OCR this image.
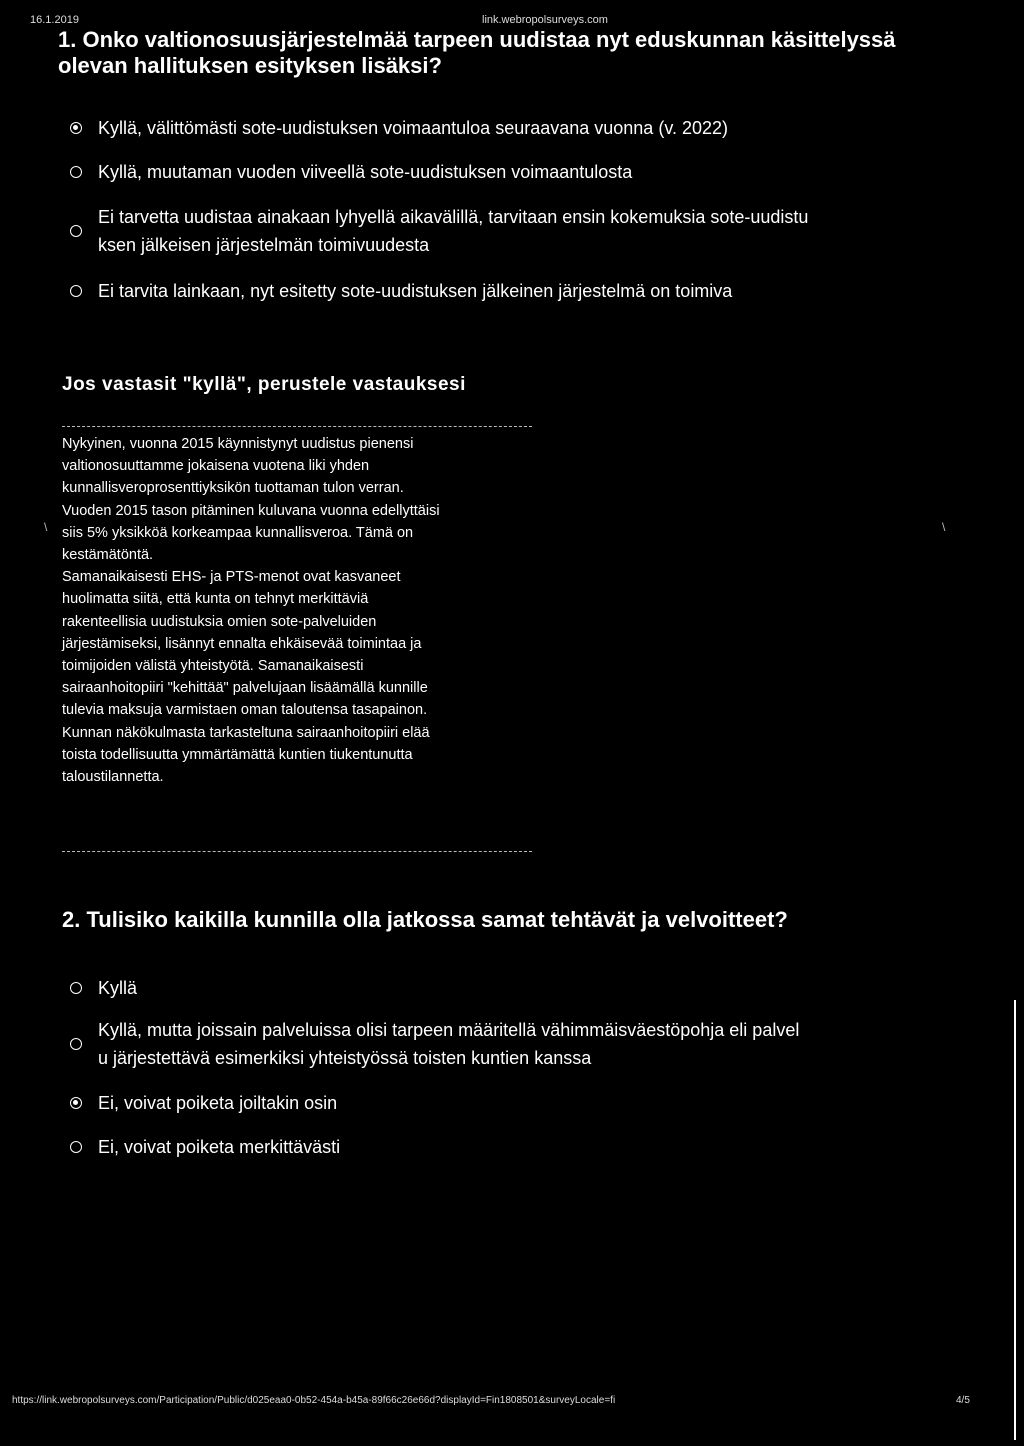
16.1.2019	link.webropolsurveys.com
1. Onko valtionosuusjärjestelmää tarpeen uudistaa nyt eduskunnan käsittelyssä
olevan hallituksen esityksen lisäksi?
Kyllä, välittömästi sote-uudistuksen voimaantuloa seuraavana vuonna (v. 2022)
Kyllä, muutaman vuoden viiveellä sote-uudistuksen voimaantulosta
Ei tarvetta uudistaa ainakaan lyhyellä aikavälillä, tarvitaan ensin kokemuksia sote-uudistu
ksen jälkeisen järjestelmän toimivuudesta
Ei tarvita lainkaan, nyt esitetty sote-uudistuksen jälkeinen järjestelmä on toimiva
Jos vastasit "kyllä", perustele vastauksesi
Nykyinen, vuonna 2015 käynnistynyt uudistus pienensi
valtionosuuttamme jokaisena vuotena liki yhden
kunnallisveroprosenttiyksikön tuottaman tulon verran.
Vuoden 2015 tason pitäminen kuluvana vuonna edellyttäisi
siis 5% yksikköä korkeampaa kunnallisveroa. Tämä on
kestämätöntä.
Samanaikaisesti EHS- ja PTS-menot ovat kasvaneet
huolimatta siitä, että kunta on tehnyt merkittäviä
rakenteellisia uudistuksia omien sote-palveluiden
järjestämiseksi, lisännyt ennalta ehkäisevää toimintaa ja
toimijoiden välistä yhteistyötä. Samanaikaisesti
sairaanhoitopiiri "kehittää" palvelujaan lisäämällä kunnille
tulevia maksuja varmistaen oman taloutensa tasapainon.
Kunnan näkökulmasta tarkasteltuna sairaanhoitopiiri elää
toista todellisuutta ymmärtämättä kuntien tiukentunutta
taloustilannetta.
\	\
2. Tulisiko kaikilla kunnilla olla jatkossa samat tehtävät ja velvoitteet?
Kyllä
Kyllä, mutta joissain palveluissa olisi tarpeen määritellä vähimmäisväestöpohja eli palvel
u järjestettävä esimerkiksi yhteistyössä toisten kuntien kanssa
Ei, voivat poiketa joiltakin osin
Ei, voivat poiketa merkittävästi
https://link.webropolsurveys.com/Participation/Public/d025eaa0-0b52-454a-b45a-89f66c26e66d?displayId=Fin1808501&surveyLocale=fi	4/5
